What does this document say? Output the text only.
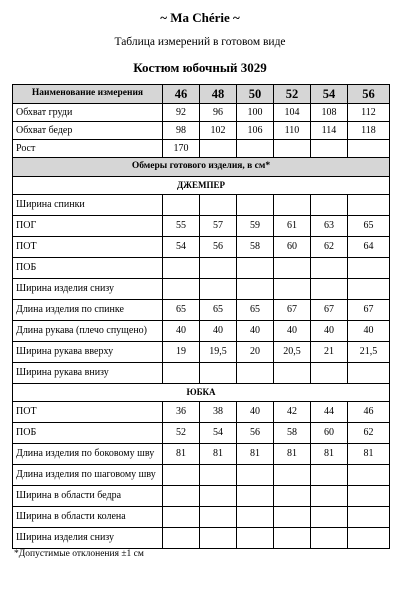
~ Ma Chérie ~
Таблица измерений в готовом виде
Костюм юбочный 3029
Наименование измерения	46	48	50	52	54	56
Обхват груди	92	96	100	104	108	112
Обхват бедер	98	102	106	110	114	118
Рост	170					
Обмеры готового изделия, в см*						
ДЖЕМПЕР						
Ширина спинки						
ПОГ	55	57	59	61	63	65
ПОТ	54	56	58	60	62	64
ПОБ						
Ширина изделия снизу						
Длина изделия по спинке	65	65	65	67	67	67
Длина рукава (плечо спущено)	40	40	40	40	40	40
Ширина рукава вверху	19	19,5	20	20,5	21	21,5
Ширина рукава внизу						
ЮБКА						
ПОТ	36	38	40	42	44	46
ПОБ	52	54	56	58	60	62
Длина изделия по боковому шву	81	81	81	81	81	81
Длина изделия по шаговому шву						
Ширина в области бедра						
Ширина в области колена						
Ширина изделия снизу						
*Допустимые отклонения ±1 см
